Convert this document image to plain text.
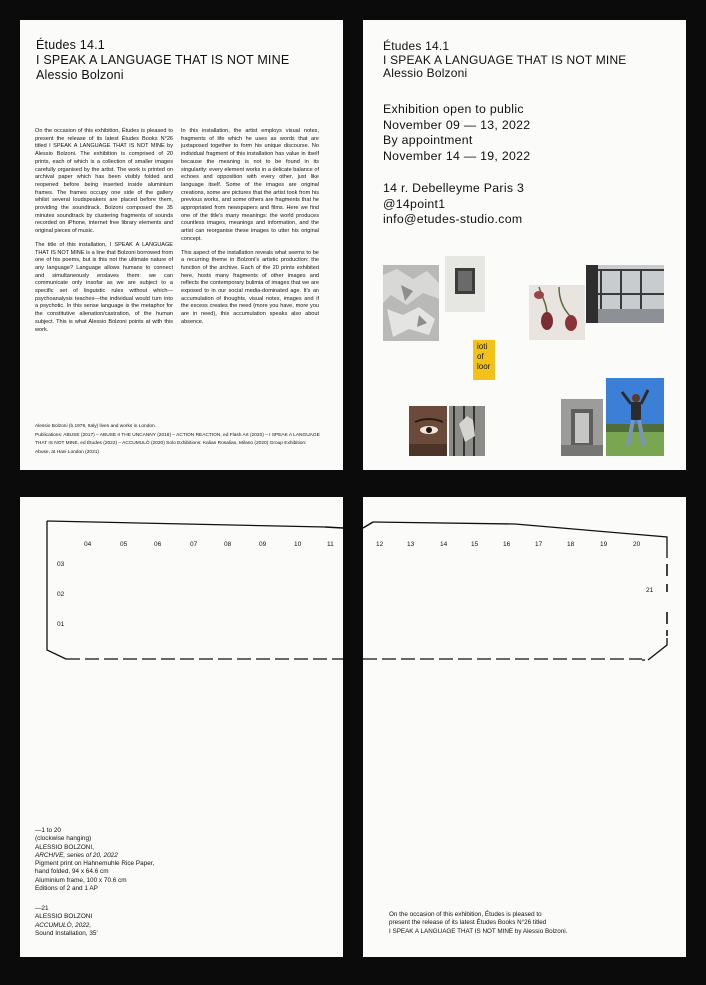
Études 14.1
I SPEAK A LANGUAGE THAT IS NOT MINE
Alessio Bolzoni

On the occasion of this exhibition, Études is pleased to present the release of its latest Études Books N°26 titled I SPEAK A LANGUAGE THAT IS NOT MINE by Alessio Bolzoni. The exhibition is comprised of 20 prints, each of which is a collection of smaller images carefully organised by the artist. The work is printed on archival paper which has been visibly folded and reopened before being inserted inside aluminium frames. The frames occupy one side of the gallery whilst several loudspeakers are placed before them, providing the soundtrack. Bolzoni composed the 35 minutes soundtrack by clustering fragments of sounds recorded on iPhone, internet free library elements and original pieces of music.

The title of this installation, I SPEAK A LANGUAGE THAT IS NOT MINE is a line that Bolzoni borrowed from one of his poems, but is this not the ultimate nature of any language? Language allows humans to connect and simultaneously enslaves them: we can communicate only insofar as we are subject to a specific set of linguistic rules without which—psychoanalysis teaches—the individual would turn into a psychotic. In this sense language is the metaphor for the constitutive alienation/castration, of the human subject. This is what Alessio Bolzoni points at with this work.

In this installation, the artist employs visual notes, fragments of life which he uses as words that are juxtaposed together to form his unique discourse. No individual fragment of this installation has value in itself because the meaning is not to be found in its singularity: every element works in a delicate balance of echoes and opposition with every other, just like language itself. Some of the images are original creations, some are pictures that the artist took from his previous works, and some others are fragments that he appropriated from newspapers and films. Here we find one of the title's many meanings: the world produces countless images, meanings and information, and the artist can reorganise these images to utter his original concept.

This aspect of the installation reveals what seems to be a recurring theme in Bolzoni's artistic production: the function of the archive. Each of the 20 prints exhibited here, hosts many fragments of other images and reflects the contemporary bulimia of images that we are exposed to in our social media-dominated age. It's an accumulation of thoughts, visual notes, images and if the excess creates the need (more you have, more you are in need), this accumulation speaks also about absence.

Alessio Bolzoni (b.1979, Italy) lives and works in London.
Publications: ABUSE (2017) – ABUSE II THE UNCANNY (2018) – ACTION REACTION, ed Flash Art (2020) – I SPEAK A LANGUAGE
THAT IS NOT MINE, ed Études (2022) – ACCUMULÒ (2020) Solo Exhibitions: Kalian Rosalian, Milano (2020) Group Exhibition:
Abuse, at Hani London (2021)
Études 14.1
I SPEAK A LANGUAGE THAT IS NOT MINE
Alessio Bolzoni
Exhibition open to public
November 09 — 13, 2022
By appointment
November 14 — 19, 2022
14 r. Debelleyme Paris 3
@14point1
info@etudes-studio.com
ioti
of
loor
—1 to 20
(clockwise hanging)
ALESSIO BOLZONI,
ARCHIVE, series of 20, 2022
Pigment print on Hahnemuhle Rice Paper,
hand folded, 94 x 64.6 cm
Aluminium frame, 100 x 70.6 cm
Editions of 2 and 1 AP
—21
ALESSIO BOLZONI
ACCUMULÒ, 2022,
Sound Installation, 35'
On the occasion of this exhibition, Études is pleased to
present the release of its latest Études Books N°26 titled
I SPEAK A LANGUAGE THAT IS NOT MINE by Alessio Bolzoni.
04	05	06	07	08	09	10	11	12	13	14	15	16	17	18	19	20
03
02
01
21
